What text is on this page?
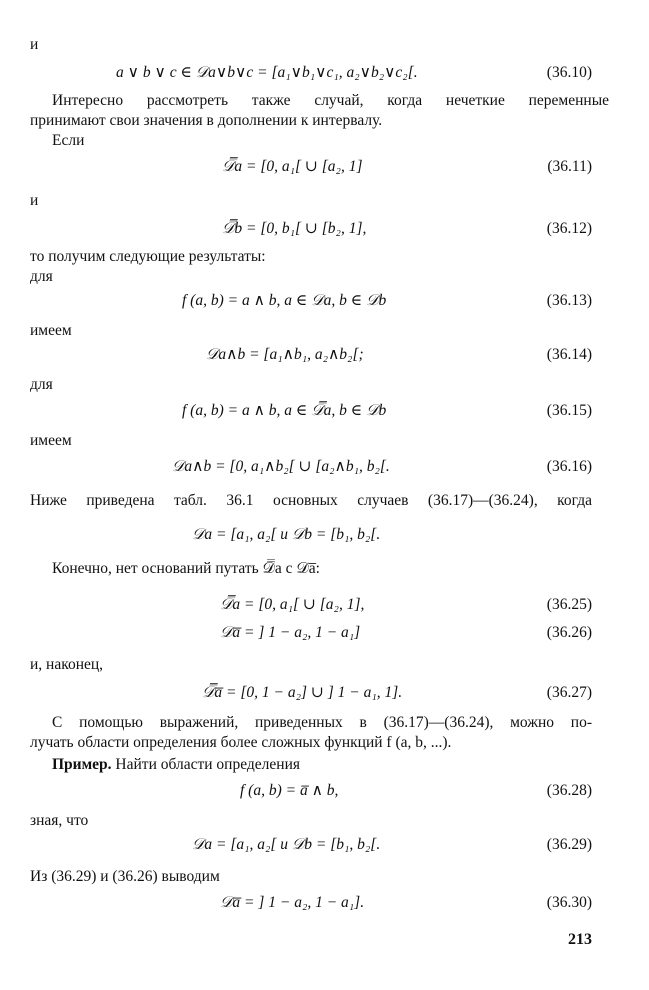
и
a ∨ b ∨ c ∈ 𝒟a∨b∨c = [a₁∨b₁∨c₁, a₂∨b₂∨c₂[.	(36.10)
Интересно рассмотреть также случай, когда нечеткие переменные
принимают свои значения в дополнении к интервалу.
Если
𝒟̿a = [0, a₁[ ∪ [a₂, 1]	(36.11)
и
𝒟̿b = [0, b₁[ ∪ [b₂, 1],	(36.12)
то получим следующие результаты:
для
f (a, b) = a ∧ b, a ∈ 𝒟a, b ∈ 𝒟b	(36.13)
имеем
𝒟a∧b = [a₁∧b₁, a₂∧b₂[;	(36.14)
для
f (a, b) = a ∧ b, a ∈ 𝒟̿a, b ∈ 𝒟b	(36.15)
имеем
𝒟a∧b = [0, a₁∧b₂[ ∪ [a₂∧b₁, b₂[.	(36.16)
Ниже приведена табл. 36.1 основных случаев (36.17)—(36.24), когда
𝒟a = [a₁, a₂[ и 𝒟b = [b₁, b₂[.
Конечно, нет оснований путать 𝒟̿a с 𝒟a̅:
𝒟̿a = [0, a₁[ ∪ [a₂, 1],	(36.25)
𝒟a̅ = ] 1 − a₂, 1 − a₁]	(36.26)
и, наконец,
𝒟̿a̅ = [0, 1 − a₂] ∪ ] 1 − a₁, 1].	(36.27)
С помощью выражений, приведенных в (36.17)—(36.24), можно по-
лучать области определения более сложных функций f (a, b, ...).
Пример. Найти области определения
f (a, b) = a̅ ∧ b,	(36.28)
зная, что
𝒟a = [a₁, a₂[ и 𝒟b = [b₁, b₂[.	(36.29)
Из (36.29) и (36.26) выводим
𝒟a̅ = ] 1 − a₂, 1 − a₁].	(36.30)
213
